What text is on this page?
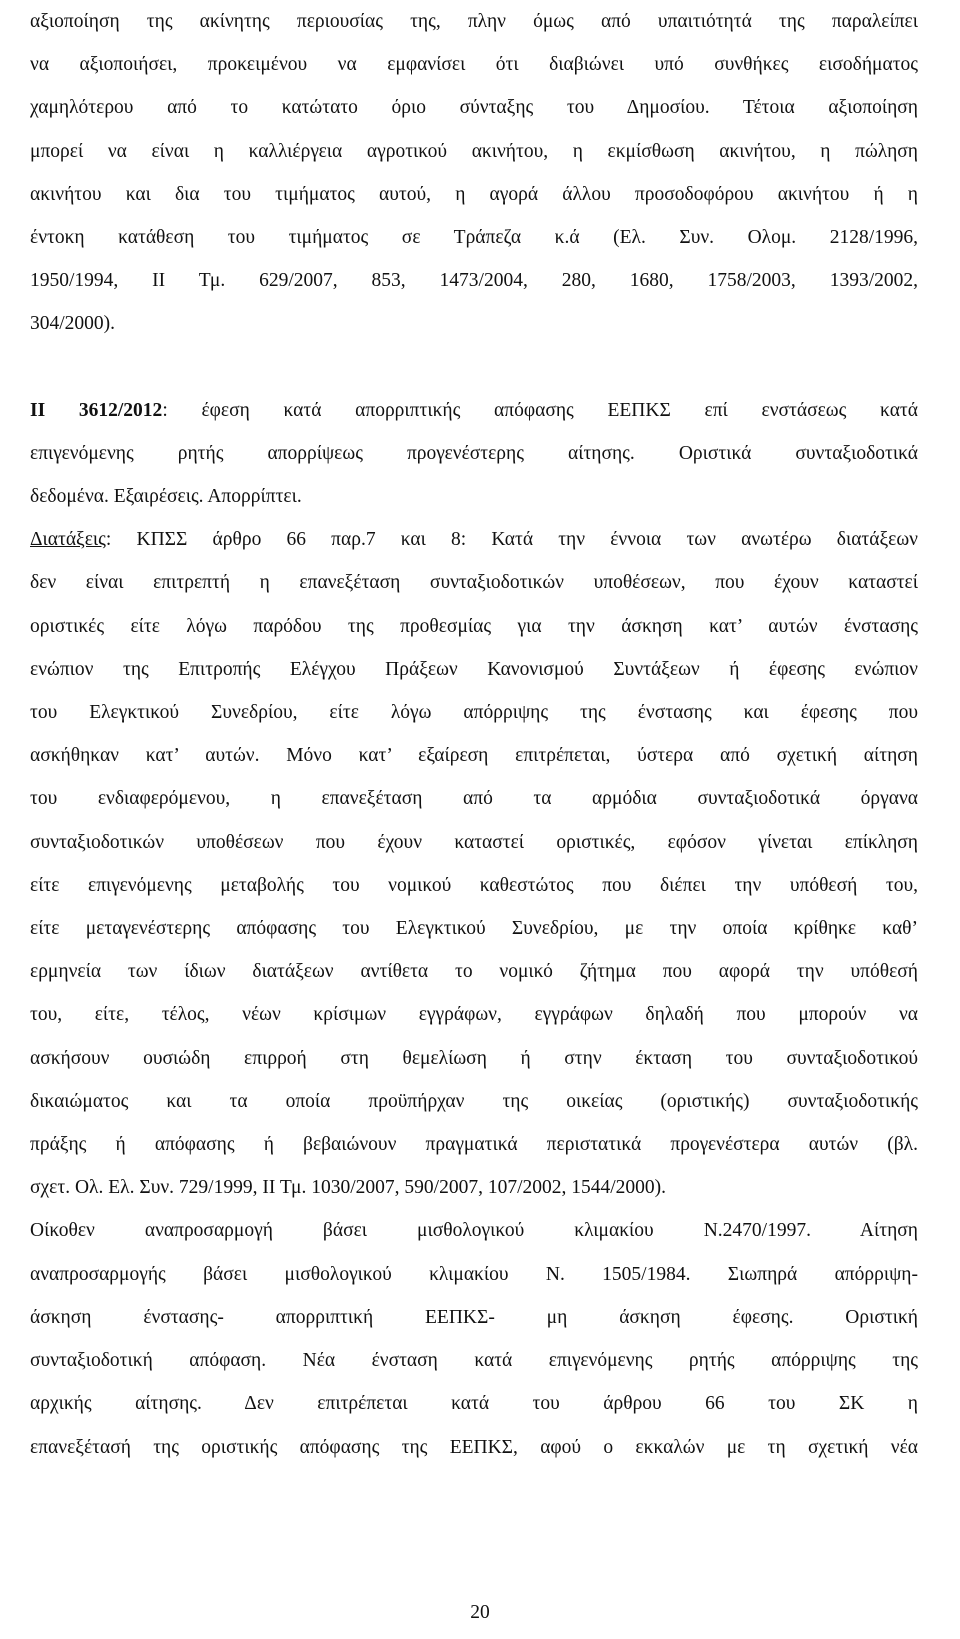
αξιοποίηση της ακίνητης περιουσίας της, πλην όμως από υπαιτιότητά της παραλείπει

να αξιοποιήσει, προκειμένου να εμφανίσει ότι διαβιώνει υπό συνθήκες εισοδήματος

χαμηλότερου από το κατώτατο όριο σύνταξης του Δημοσίου. Τέτοια αξιοποίηση

μπορεί να είναι η καλλιέργεια αγροτικού ακινήτου, η εκμίσθωση ακινήτου, η πώληση

ακινήτου και δια του τιμήματος αυτού, η αγορά άλλου προσοδοφόρου ακινήτου ή η

έντοκη κατάθεση του τιμήματος σε Τράπεζα κ.ά (Ελ. Συν. Ολομ. 2128/1996,

1950/1994, ΙΙ Τμ. 629/2007, 853, 1473/2004, 280, 1680, 1758/2003, 1393/2002,

304/2000).

ΙΙ 3612/2012: έφεση κατά απορριπτικής απόφασης ΕΕΠΚΣ επί ενστάσεως κατά

επιγενόμενης ρητής απορρίψεως προγενέστερης αίτησης. Οριστικά συνταξιοδοτικά

δεδομένα. Εξαιρέσεις. Απορρίπτει.

Διατάξεις: ΚΠΣΣ άρθρο 66 παρ.7 και 8: Κατά την έννοια των ανωτέρω διατάξεων

δεν είναι επιτρεπτή η επανεξέταση συνταξιοδοτικών υποθέσεων, που έχουν καταστεί

οριστικές είτε λόγω παρόδου της προθεσμίας για την άσκηση κατ’ αυτών ένστασης

ενώπιον της Επιτροπής Ελέγχου Πράξεων Κανονισμού Συντάξεων ή έφεσης ενώπιον

του Ελεγκτικού Συνεδρίου, είτε λόγω απόρριψης της ένστασης και έφεσης που

ασκήθηκαν κατ’ αυτών. Μόνο κατ’ εξαίρεση επιτρέπεται, ύστερα από σχετική αίτηση

του ενδιαφερόμενου, η επανεξέταση από τα αρμόδια συνταξιοδοτικά όργανα

συνταξιοδοτικών υποθέσεων που έχουν καταστεί οριστικές, εφόσον γίνεται επίκληση

είτε επιγενόμενης μεταβολής του νομικού καθεστώτος που διέπει την υπόθεσή του,

είτε μεταγενέστερης απόφασης του Ελεγκτικού Συνεδρίου, με την οποία κρίθηκε καθ’

ερμηνεία των ίδιων διατάξεων αντίθετα το νομικό ζήτημα που αφορά την υπόθεσή

του, είτε, τέλος, νέων κρίσιμων εγγράφων, εγγράφων δηλαδή που μπορούν να

ασκήσουν ουσιώδη επιρροή στη θεμελίωση ή στην έκταση του συνταξιοδοτικού

δικαιώματος και τα οποία προϋπήρχαν της οικείας (οριστικής) συνταξιοδοτικής

πράξης ή απόφασης ή βεβαιώνουν πραγματικά περιστατικά προγενέστερα αυτών (βλ.

σχετ. Ολ. Ελ. Συν. 729/1999, ΙΙ Τμ. 1030/2007, 590/2007, 107/2002, 1544/2000).

Οίκοθεν αναπροσαρμογή βάσει μισθολογικού κλιμακίου Ν.2470/1997. Αίτηση

αναπροσαρμογής βάσει μισθολογικού κλιμακίου Ν. 1505/1984. Σιωπηρά απόρριψη-

άσκηση ένστασης- απορριπτική ΕΕΠΚΣ- μη άσκηση έφεσης. Οριστική

συνταξιοδοτική απόφαση. Νέα ένσταση κατά επιγενόμενης ρητής απόρριψης της

αρχικής αίτησης. Δεν επιτρέπεται κατά του άρθρου 66 του ΣΚ η

επανεξέτασή της οριστικής απόφασης της ΕΕΠΚΣ, αφού ο εκκαλών με τη σχετική νέα

20
